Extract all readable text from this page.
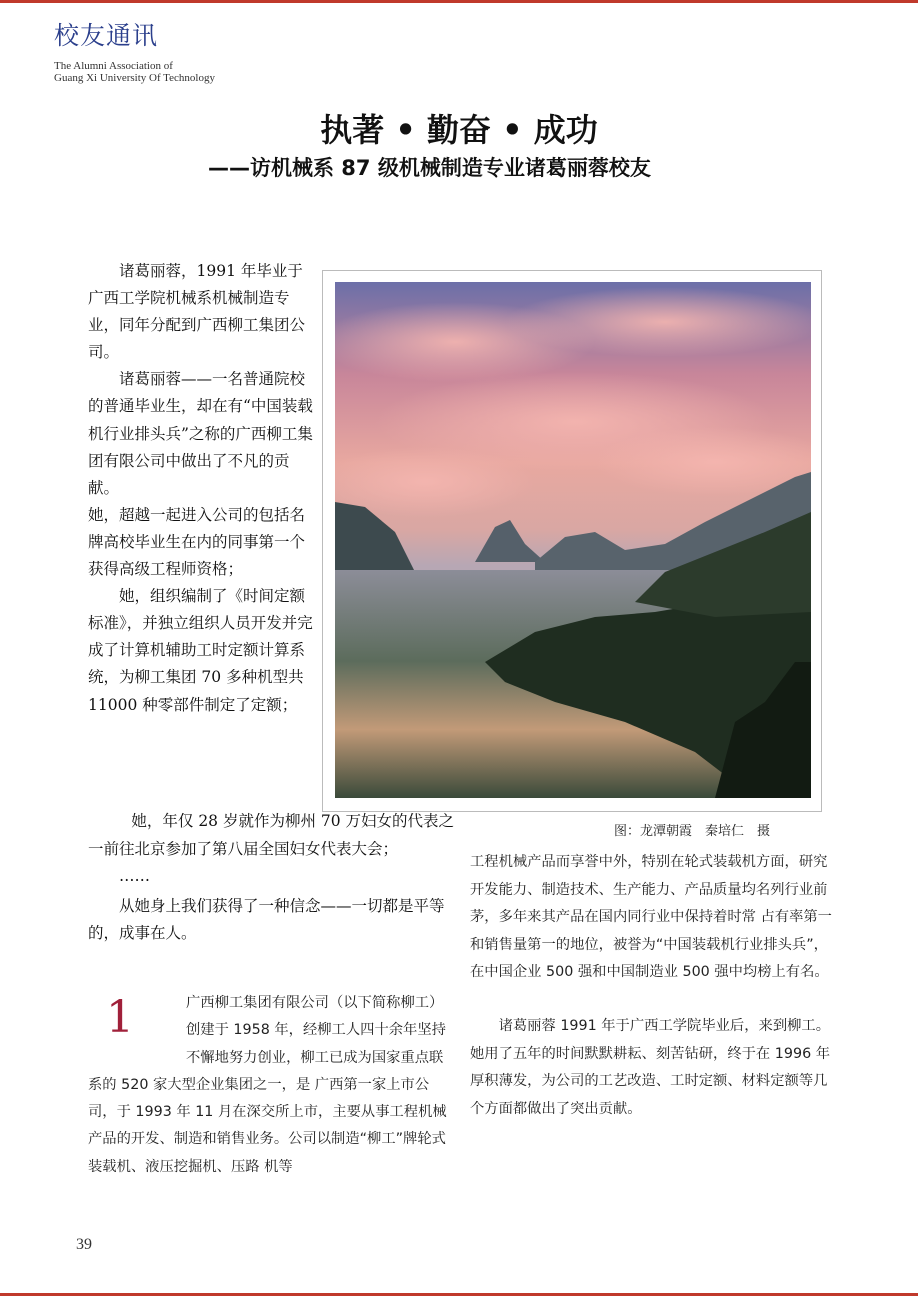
校友通讯
The Alumni Association of
Guang Xi University Of Technology
执著 • 勤奋 • 成功
——访机械系 87 级机械制造专业诸葛丽蓉校友

诸葛丽蓉，1991 年毕业于广西工学院机械系机械制造专业，同年分配到广西柳工集团公司。

诸葛丽蓉——一名普通院校的普通毕业生，却在有“中国装载机行业排头兵”之称的广西柳工集团有限公司中做出了不凡的贡献。

她，超越一起进入公司的包括名牌高校毕业生在内的同事第一个获得高级工程师资格；

她，组织编制了《时间定额标准》，并独立组织人员开发并完成了计算机辅助工时定额计算系统，为柳工集团 70 多种机型共 11000 种零部件制定了定额；

图：龙潭朝霞　秦培仁　摄

她，年仅 28 岁就作为柳州 70 万妇女的代表之一前往北京参加了第八届全国妇女代表大会；

……

从她身上我们获得了一种信念——一切都是平等的，成事在人。

1	广西柳工集团有限公司（以下简称柳工）创建于 1958 年，经柳工人四十余年坚持不懈地努力创业，柳工已成为国家重点联系的 520 家大型企业集团之一，是 广西第一家上市公司，于 1993 年 11 月在深交所上市，主要从事工程机械产品的开发、制造和销售业务。公司以制造“柳工”牌轮式装载机、液压挖掘机、压路 机等

工程机械产品而享誉中外，特别在轮式装载机方面，研究开发能力、制造技术、生产能力、产品质量均名列行业前茅，多年来其产品在国内同行业中保持着时常 占有率第一和销售量第一的地位，被誉为“中国装载机行业排头兵”，在中国企业 500 强和中国制造业 500 强中均榜上有名。

诸葛丽蓉 1991 年于广西工学院毕业后，来到柳工。她用了五年的时间默默耕耘、刻苦钻研，终于在 1996 年厚积薄发，为公司的工艺改造、工时定额、材料定额等几个方面都做出了突出贡献。

39
